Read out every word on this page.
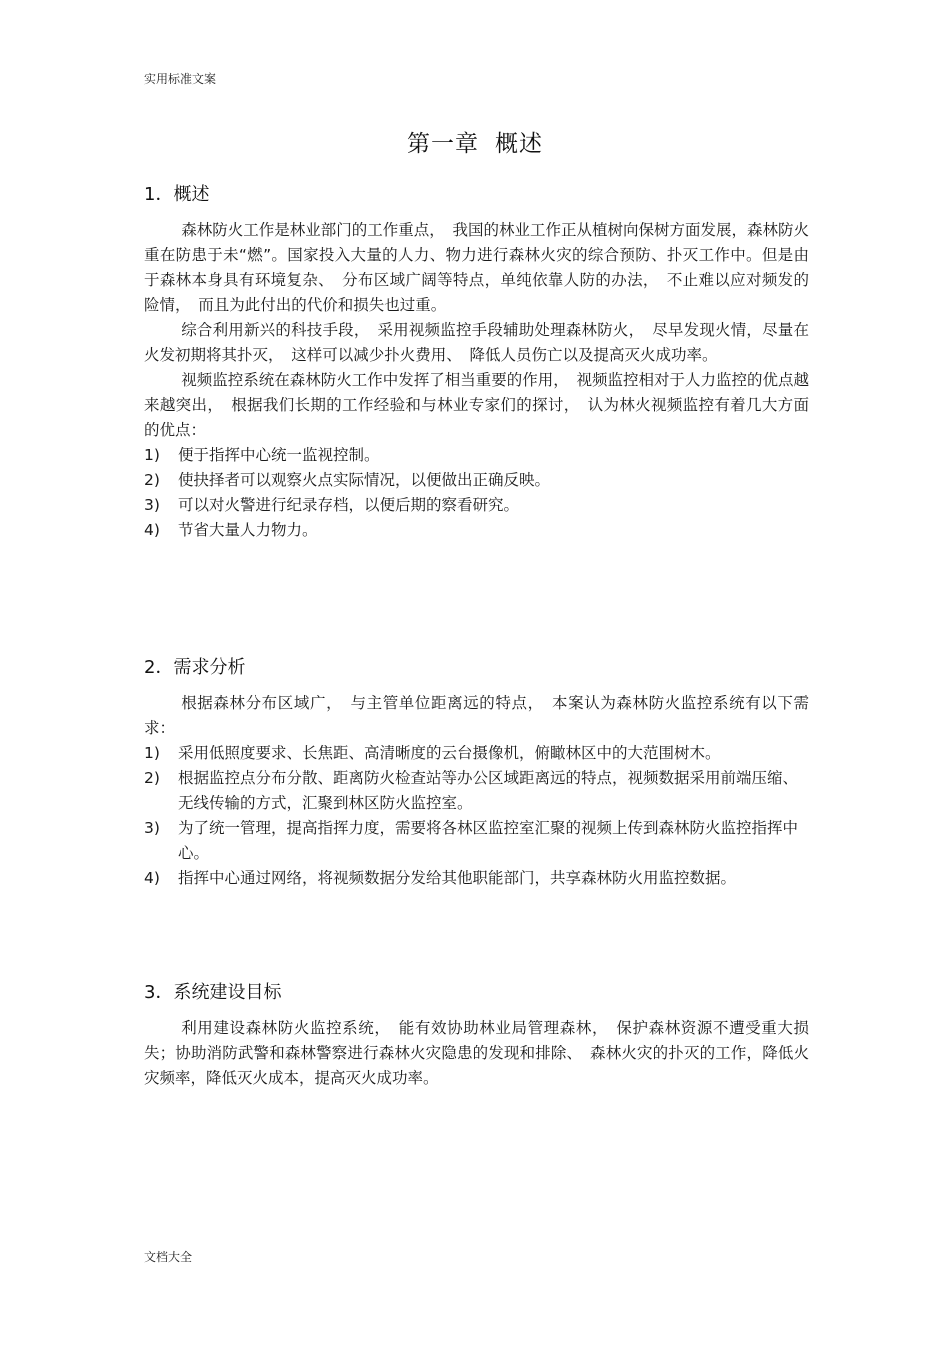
实用标准文案
第一章 概述
1．概述

森林防火工作是林业部门的工作重点，　我国的林业工作正从植树向保树方面发展，森林防火重在防患于未“燃”。国家投入大量的人力、物力进行森林火灾的综合预防、扑灭工作中。但是由于森林本身具有环境复杂、　分布区域广阔等特点，单纯依靠人防的办法，　不止难以应对频发的险情，　而且为此付出的代价和损失也过重。

综合利用新兴的科技手段，　采用视频监控手段辅助处理森林防火，　尽早发现火情，尽量在火发初期将其扑灭，　这样可以减少扑火费用、　降低人员伤亡以及提高灭火成功率。

视频监控系统在森林防火工作中发挥了相当重要的作用，　视频监控相对于人力监控的优点越来越突出，　根据我们长期的工作经验和与林业专家们的探讨，　认为林火视频监控有着几大方面的优点：

1) 便于指挥中心统一监视控制。
2) 使抉择者可以观察火点实际情况，以便做出正确反映。
3) 可以对火警进行纪录存档，以便后期的察看研究。
4) 节省大量人力物力。
2．需求分析

根据森林分布区域广，　与主管单位距离远的特点，　本案认为森林防火监控系统有以下需求：

1) 采用低照度要求、长焦距、高清晰度的云台摄像机，俯瞰林区中的大范围树木。
2) 根据监控点分布分散、距离防火检查站等办公区域距离远的特点，视频数据采用前端压缩、无线传输的方式，汇聚到林区防火监控室。
3) 为了统一管理，提高指挥力度，需要将各林区监控室汇聚的视频上传到森林防火监控指挥中心。
4) 指挥中心通过网络，将视频数据分发给其他职能部门，共享森林防火用监控数据。
3．系统建设目标

利用建设森林防火监控系统，　能有效协助林业局管理森林，　保护森林资源不遭受重大损失；协助消防武警和森林警察进行森林火灾隐患的发现和排除、　森林火灾的扑灭的工作，降低火灾频率，降低灭火成本，提高灭火成功率。

文档大全
